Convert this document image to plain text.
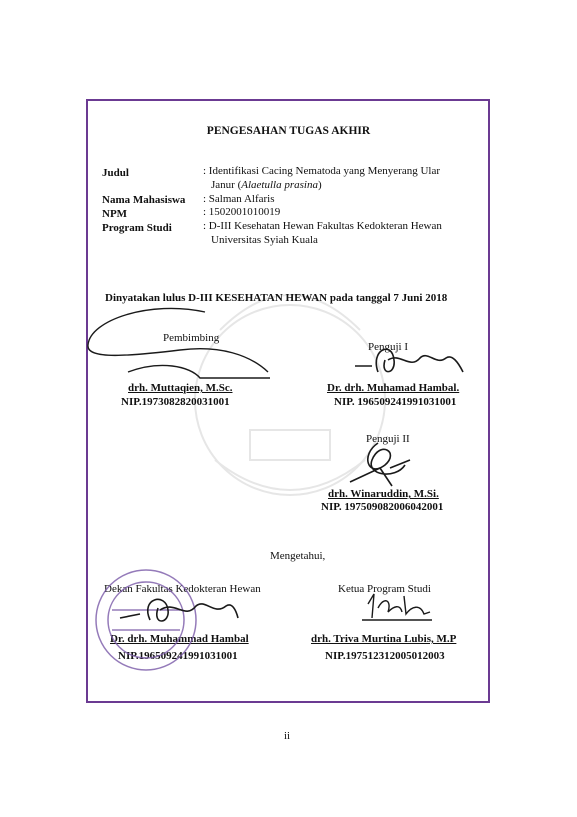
PENGESAHAN TUGAS AKHIR
Judul	: Identifikasi Cacing Nematoda yang Menyerang Ular
Janur (Alaetulla prasina)
Nama Mahasiswa : Salman Alfaris
NPM	: 1502001010019
Program Studi	: D-III Kesehatan Hewan Fakultas Kedokteran Hewan
Universitas Syiah Kuala
Dinyatakan lulus D-III KESEHATAN HEWAN pada tanggal 7 Juni 2018
Pembimbing
drh. Muttaqien, M.Sc.
NIP.1973082820031001
Penguji I
Dr. drh. Muhamad Hambal.
NIP. 196509241991031001
Penguji II
drh. Winaruddin, M.Si.
NIP. 197509082006042001
Mengetahui,
Dekan Fakultas Kedokteran Hewan
Dr. drh. Muhammad Hambal
NIP.196509241991031001
Ketua Program Studi
drh. Triva Murtina Lubis, M.P
NIP.197512312005012003
ii
